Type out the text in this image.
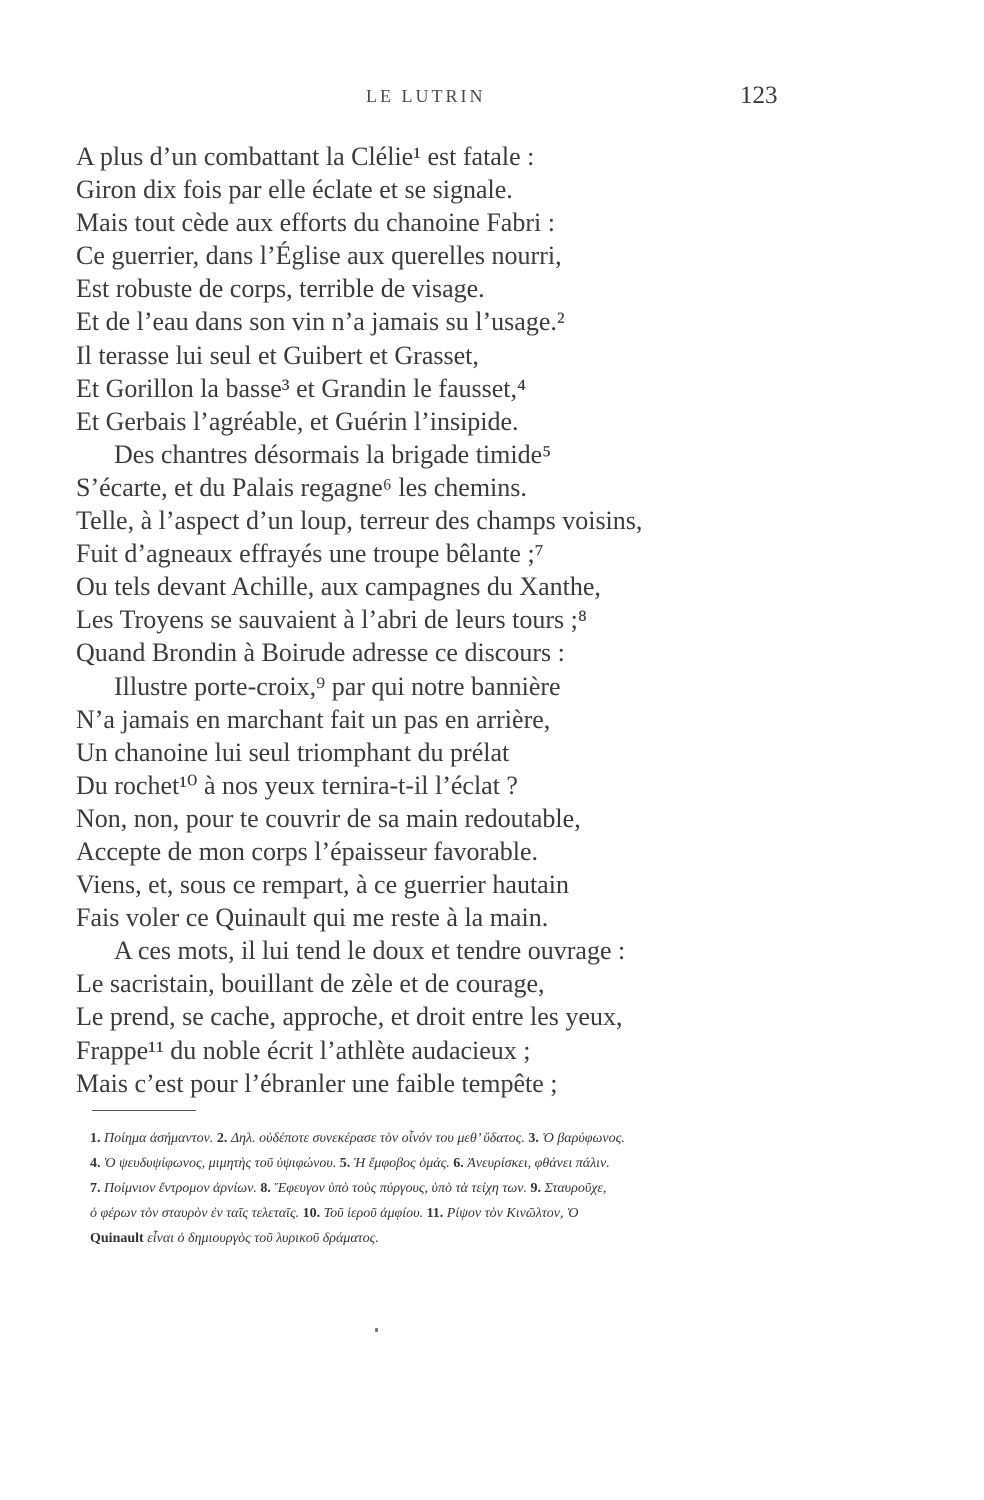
LE LUTRIN	123
A plus d’un combattant la Clélie¹ est fatale :
Giron dix fois par elle éclate et se signale.
Mais tout cède aux efforts du chanoine Fabri :
Ce guerrier, dans l’Église aux querelles nourri,
Est robuste de corps, terrible de visage.
Et de l’eau dans son vin n’a jamais su l’usage.²
Il terasse lui seul et Guibert et Grasset,
Et Gorillon la basse³ et Grandin le fausset,⁴
Et Gerbais l’agréable, et Guérin l’insipide.
Des chantres désormais la brigade timide⁵
S’écarte, et du Palais regagne⁶ les chemins.
Telle, à l’aspect d’un loup, terreur des champs voisins,
Fuit d’agneaux effrayés une troupe bêlante ;⁷
Ou tels devant Achille, aux campagnes du Xanthe,
Les Troyens se sauvaient à l’abri de leurs tours ;⁸
Quand Brondin à Boirude adresse ce discours :
Illustre porte-croix,⁹ par qui notre bannière
N’a jamais en marchant fait un pas en arrière,
Un chanoine lui seul triomphant du prélat
Du rochet¹⁰ à nos yeux ternira-t-il l’éclat ?
Non, non, pour te couvrir de sa main redoutable,
Accepte de mon corps l’épaisseur favorable.
Viens, et, sous ce rempart, à ce guerrier hautain
Fais voler ce Quinault qui me reste à la main.
A ces mots, il lui tend le doux et tendre ouvrage :
Le sacristain, bouillant de zèle et de courage,
Le prend, se cache, approche, et droit entre les yeux,
Frappe¹¹ du noble écrit l’athlète audacieux ;
Mais c’est pour l’ébranler une faible tempête ;
1. Ποίημα ἀσήμαντον. 2. Δηλ. οὐδέποτε συνεκέρασε τὸν οἶνόν του μεθ’ ὕδατος. 3. Ὁ βαρύφωνος.
4. Ὁ ψευδυψίφωνος, μιμητὴς τοῦ ὑψιφώνου. 5. Ἡ ἔμφοβος ὁμάς. 6. Ἀνευρίσκει, φθάνει πάλιν.
7. Ποίμνιον ἔντρομον ἀρνίων. 8. Ἔφευγον ὑπὸ τοὺς πύργους, ὑπὸ τὰ τείχη των. 9. Σταυροῦχε,
ὁ φέρων τὸν σταυρὸν ἐν ταῖς τελεταῖς. 10. Τοῦ ἱεροῦ ἀμφίου. 11. Ρίψον τὸν Κινῶλτον, Ὁ
Quinault εἶναι ὁ δημιουργὸς τοῦ λυρικοῦ δράματος.
